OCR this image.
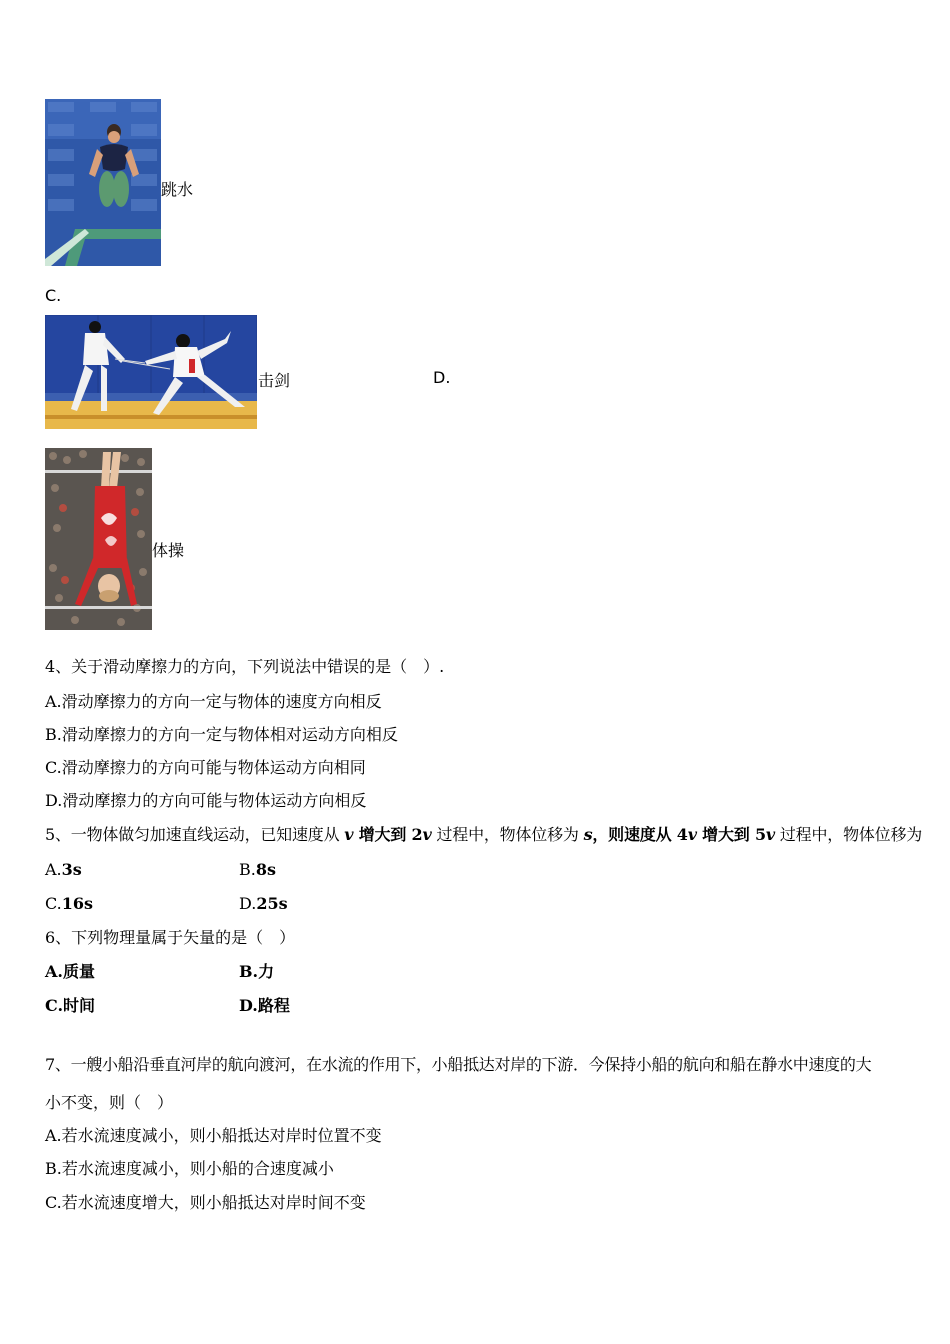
跳水
C.
击剑	D.
体操
4、关于滑动摩擦力的方向，下列说法中错误的是（　）.
A.滑动摩擦力的方向一定与物体的速度方向相反
B.滑动摩擦力的方向一定与物体相对运动方向相反
C.滑动摩擦力的方向可能与物体运动方向相同
D.滑动摩擦力的方向可能与物体运动方向相反
5、一物体做匀加速直线运动，已知速度从 v 增大到 2v 过程中，物体位移为 s，则速度从 4v 增大到 5v 过程中，物体位移为
A.3s	B.8s
C.16s	D.25s
6、下列物理量属于矢量的是（　）
A.质量	B.力
C.时间	D.路程
7、一艘小船沿垂直河岸的航向渡河，在水流的作用下，小船抵达对岸的下游．今保持小船的航向和船在静水中速度的大
小不变，则（　）
A.若水流速度减小，则小船抵达对岸时位置不变
B.若水流速度减小，则小船的合速度减小
C.若水流速度增大，则小船抵达对岸时间不变
